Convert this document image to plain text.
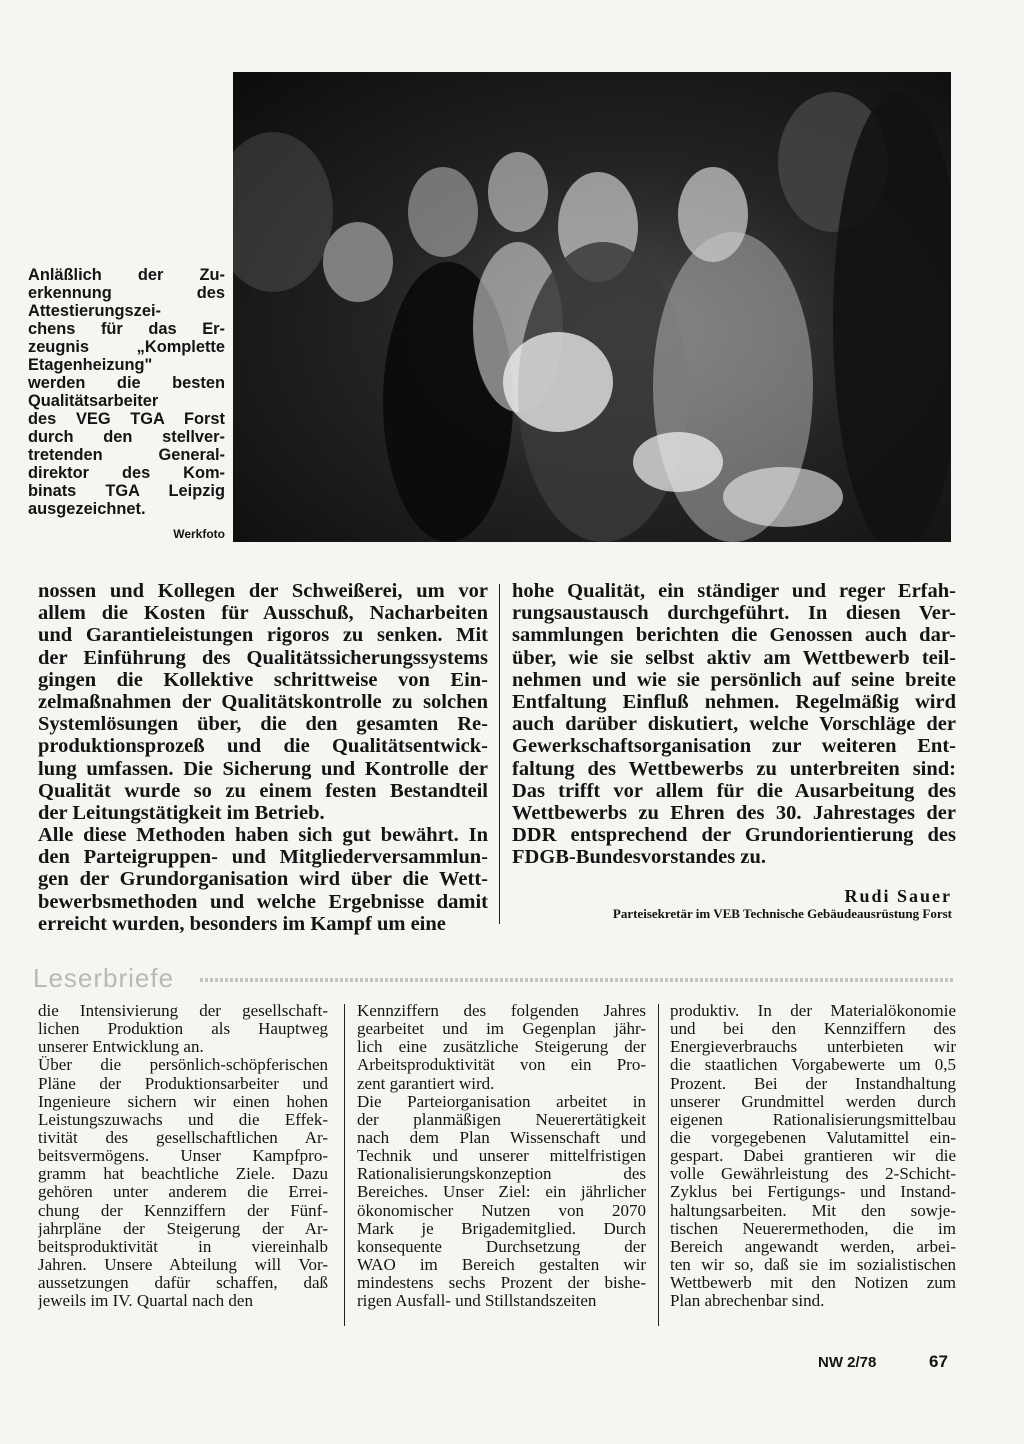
Anläßlich der Zu-
erkennung des
Attestierungszei-
chens für das Er-
zeugnis „Komplette
Etagenheizung"
werden die besten
Qualitätsarbeiter
des VEG TGA Forst
durch den stellver-
tretenden General-
direktor des Kom-
binats TGA Leipzig
ausgezeichnet.
Werkfoto
nossen und Kollegen der Schweißerei, um vor
allem die Kosten für Ausschuß, Nacharbeiten
und Garantieleistungen rigoros zu senken. Mit
der Einführung des Qualitätssicherungssystems
gingen die Kollektive schrittweise von Ein-
zelmaßnahmen der Qualitätskontrolle zu solchen
Systemlösungen über, die den gesamten Re-
produktionsprozeß und die Qualitätsentwick-
lung umfassen. Die Sicherung und Kontrolle der
Qualität wurde so zu einem festen Bestandteil
der Leitungstätigkeit im Betrieb.
Alle diese Methoden haben sich gut bewährt. In
den Parteigruppen- und Mitgliederversammlun-
gen der Grundorganisation wird über die Wett-
bewerbsmethoden und welche Ergebnisse damit
erreicht wurden, besonders im Kampf um eine
hohe Qualität, ein ständiger und reger Erfah-
rungsaustausch durchgeführt. In diesen Ver-
sammlungen berichten die Genossen auch dar-
über, wie sie selbst aktiv am Wettbewerb teil-
nehmen und wie sie persönlich auf seine breite
Entfaltung Einfluß nehmen. Regelmäßig wird
auch darüber diskutiert, welche Vorschläge der
Gewerkschaftsorganisation zur weiteren Ent-
faltung des Wettbewerbs zu unterbreiten sind:
Das trifft vor allem für die Ausarbeitung des
Wettbewerbs zu Ehren des 30. Jahrestages der
DDR entsprechend der Grundorientierung des
FDGB-Bundesvorstandes zu.
Rudi Sauer
Parteisekretär im VEB Technische Gebäudeausrüstung Forst
Leserbriefe
die Intensivierung der gesellschaft-
lichen Produktion als Hauptweg
unserer Entwicklung an.
Über die persönlich-schöpferischen
Pläne der Produktionsarbeiter und
Ingenieure sichern wir einen hohen
Leistungszuwachs und die Effek-
tivität des gesellschaftlichen Ar-
beitsvermögens. Unser Kampfpro-
gramm hat beachtliche Ziele. Dazu
gehören unter anderem die Errei-
chung der Kennziffern der Fünf-
jahrpläne der Steigerung der Ar-
beitsproduktivität in viereinhalb
Jahren. Unsere Abteilung will Vor-
aussetzungen dafür schaffen, daß
jeweils im IV. Quartal nach den
Kennziffern des folgenden Jahres
gearbeitet und im Gegenplan jähr-
lich eine zusätzliche Steigerung der
Arbeitsproduktivität von ein Pro-
zent garantiert wird.
Die Parteiorganisation arbeitet in
der planmäßigen Neuerertätigkeit
nach dem Plan Wissenschaft und
Technik und unserer mittelfristigen
Rationalisierungskonzeption des
Bereiches. Unser Ziel: ein jährlicher
ökonomischer Nutzen von 2070
Mark je Brigademitglied. Durch
konsequente Durchsetzung der
WAO im Bereich gestalten wir
mindestens sechs Prozent der bishe-
rigen Ausfall- und Stillstandszeiten
produktiv. In der Materialökonomie
und bei den Kennziffern des
Energieverbrauchs unterbieten wir
die staatlichen Vorgabewerte um 0,5
Prozent. Bei der Instandhaltung
unserer Grundmittel werden durch
eigenen Rationalisierungsmittelbau
die vorgegebenen Valutamittel ein-
gespart. Dabei grantieren wir die
volle Gewährleistung des 2-Schicht-
Zyklus bei Fertigungs- und Instand-
haltungsarbeiten. Mit den sowje-
tischen Neuerermethoden, die im
Bereich angewandt werden, arbei-
ten wir so, daß sie im sozialistischen
Wettbewerb mit den Notizen zum
Plan abrechenbar sind.
NW 2/78	67
